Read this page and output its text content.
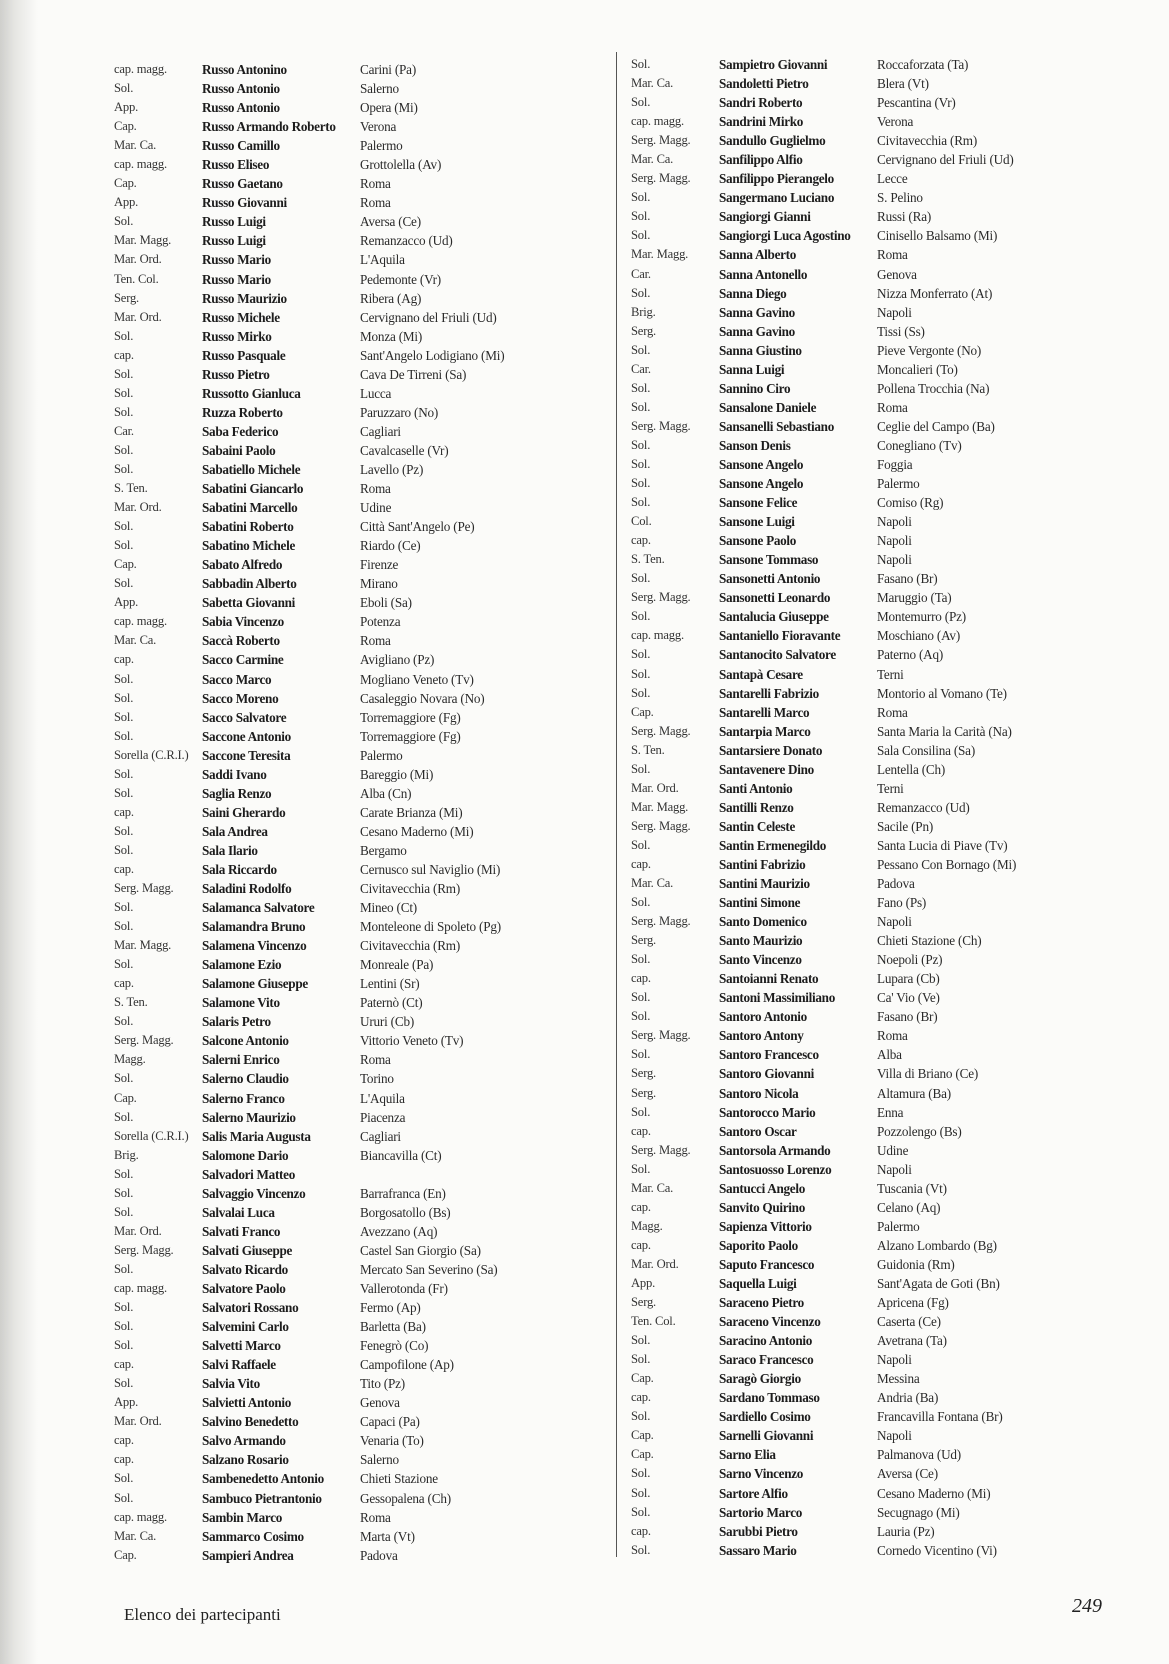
cap. magg.	Russo Antonino	Carini (Pa)
Sol.	Russo Antonio	Salerno
App.	Russo Antonio	Opera (Mi)
Cap.	Russo Armando Roberto	Verona
Mar. Ca.	Russo Camillo	Palermo
cap. magg.	Russo Eliseo	Grottolella (Av)
Cap.	Russo Gaetano	Roma
App.	Russo Giovanni	Roma
Sol.	Russo Luigi	Aversa (Ce)
Mar. Magg.	Russo Luigi	Remanzacco (Ud)
Mar. Ord.	Russo Mario	L'Aquila
Ten. Col.	Russo Mario	Pedemonte (Vr)
Serg.	Russo Maurizio	Ribera (Ag)
Mar. Ord.	Russo Michele	Cervignano del Friuli (Ud)
Sol.	Russo Mirko	Monza (Mi)
cap.	Russo Pasquale	Sant'Angelo Lodigiano (Mi)
Sol.	Russo Pietro	Cava De Tirreni (Sa)
Sol.	Russotto Gianluca	Lucca
Sol.	Ruzza Roberto	Paruzzaro (No)
Car.	Saba Federico	Cagliari
Sol.	Sabaini Paolo	Cavalcaselle (Vr)
Sol.	Sabatiello Michele	Lavello (Pz)
S. Ten.	Sabatini Giancarlo	Roma
Mar. Ord.	Sabatini Marcello	Udine
Sol.	Sabatini Roberto	Città Sant'Angelo (Pe)
Sol.	Sabatino Michele	Riardo (Ce)
Cap.	Sabato Alfredo	Firenze
Sol.	Sabbadin Alberto	Mirano
App.	Sabetta Giovanni	Eboli (Sa)
cap. magg.	Sabia Vincenzo	Potenza
Mar. Ca.	Saccà Roberto	Roma
cap.	Sacco Carmine	Avigliano (Pz)
Sol.	Sacco Marco	Mogliano Veneto (Tv)
Sol.	Sacco Moreno	Casaleggio Novara (No)
Sol.	Sacco Salvatore	Torremaggiore (Fg)
Sol.	Saccone Antonio	Torremaggiore (Fg)
Sorella (C.R.I.)	Saccone Teresita	Palermo
Sol.	Saddi Ivano	Bareggio (Mi)
Sol.	Saglia Renzo	Alba (Cn)
cap.	Saini Gherardo	Carate Brianza (Mi)
Sol.	Sala Andrea	Cesano Maderno (Mi)
Sol.	Sala Ilario	Bergamo
cap.	Sala Riccardo	Cernusco sul Naviglio (Mi)
Serg. Magg.	Saladini Rodolfo	Civitavecchia (Rm)
Sol.	Salamanca Salvatore	Mineo (Ct)
Sol.	Salamandra Bruno	Monteleone di Spoleto (Pg)
Mar. Magg.	Salamena Vincenzo	Civitavecchia (Rm)
Sol.	Salamone Ezio	Monreale (Pa)
cap.	Salamone Giuseppe	Lentini (Sr)
S. Ten.	Salamone Vito	Paternò (Ct)
Sol.	Salaris Petro	Ururi (Cb)
Serg. Magg.	Salcone Antonio	Vittorio Veneto (Tv)
Magg.	Salerni Enrico	Roma
Sol.	Salerno Claudio	Torino
Cap.	Salerno Franco	L'Aquila
Sol.	Salerno Maurizio	Piacenza
Sorella (C.R.I.)	Salis Maria Augusta	Cagliari
Brig.	Salomone Dario	Biancavilla (Ct)
Sol.	Salvadori Matteo
Sol.	Salvaggio Vincenzo	Barrafranca (En)
Sol.	Salvalai Luca	Borgosatollo (Bs)
Mar. Ord.	Salvati Franco	Avezzano (Aq)
Serg. Magg.	Salvati Giuseppe	Castel San Giorgio (Sa)
Sol.	Salvato Ricardo	Mercato San Severino (Sa)
cap. magg.	Salvatore Paolo	Vallerotonda (Fr)
Sol.	Salvatori Rossano	Fermo (Ap)
Sol.	Salvemini Carlo	Barletta (Ba)
Sol.	Salvetti Marco	Fenegrò (Co)
cap.	Salvi Raffaele	Campofilone (Ap)
Sol.	Salvia Vito	Tito (Pz)
App.	Salvietti Antonio	Genova
Mar. Ord.	Salvino Benedetto	Capaci (Pa)
cap.	Salvo Armando	Venaria (To)
cap.	Salzano Rosario	Salerno
Sol.	Sambenedetto Antonio	Chieti Stazione
Sol.	Sambuco Pietrantonio	Gessopalena (Ch)
cap. magg.	Sambin Marco	Roma
Mar. Ca.	Sammarco Cosimo	Marta (Vt)
Cap.	Sampieri Andrea	Padova
Sol.	Sampietro Giovanni	Roccaforzata (Ta)
Mar. Ca.	Sandoletti Pietro	Blera (Vt)
Sol.	Sandri Roberto	Pescantina (Vr)
cap. magg.	Sandrini Mirko	Verona
Serg. Magg.	Sandullo Guglielmo	Civitavecchia (Rm)
Mar. Ca.	Sanfilippo Alfio	Cervignano del Friuli (Ud)
Serg. Magg.	Sanfilippo Pierangelo	Lecce
Sol.	Sangermano Luciano	S. Pelino
Sol.	Sangiorgi Gianni	Russi (Ra)
Sol.	Sangiorgi Luca Agostino	Cinisello Balsamo (Mi)
Mar. Magg.	Sanna Alberto	Roma
Car.	Sanna Antonello	Genova
Sol.	Sanna Diego	Nizza Monferrato (At)
Brig.	Sanna Gavino	Napoli
Serg.	Sanna Gavino	Tissi (Ss)
Sol.	Sanna Giustino	Pieve Vergonte (No)
Car.	Sanna Luigi	Moncalieri (To)
Sol.	Sannino Ciro	Pollena Trocchia (Na)
Sol.	Sansalone Daniele	Roma
Serg. Magg.	Sansanelli Sebastiano	Ceglie del Campo (Ba)
Sol.	Sanson Denis	Conegliano (Tv)
Sol.	Sansone Angelo	Foggia
Sol.	Sansone Angelo	Palermo
Sol.	Sansone Felice	Comiso (Rg)
Col.	Sansone Luigi	Napoli
cap.	Sansone Paolo	Napoli
S. Ten.	Sansone Tommaso	Napoli
Sol.	Sansonetti Antonio	Fasano (Br)
Serg. Magg.	Sansonetti Leonardo	Maruggio (Ta)
Sol.	Santalucia Giuseppe	Montemurro (Pz)
cap. magg.	Santaniello Fioravante	Moschiano (Av)
Sol.	Santanocito Salvatore	Paterno (Aq)
Sol.	Santapà Cesare	Terni
Sol.	Santarelli Fabrizio	Montorio al Vomano (Te)
Cap.	Santarelli Marco	Roma
Serg. Magg.	Santarpia Marco	Santa Maria la Carità (Na)
S. Ten.	Santarsiere Donato	Sala Consilina (Sa)
Sol.	Santavenere Dino	Lentella (Ch)
Mar. Ord.	Santi Antonio	Terni
Mar. Magg.	Santilli Renzo	Remanzacco (Ud)
Serg. Magg.	Santin Celeste	Sacile (Pn)
Sol.	Santin Ermenegildo	Santa Lucia di Piave (Tv)
cap.	Santini Fabrizio	Pessano Con Bornago (Mi)
Mar. Ca.	Santini Maurizio	Padova
Sol.	Santini Simone	Fano (Ps)
Serg. Magg.	Santo Domenico	Napoli
Serg.	Santo Maurizio	Chieti Stazione (Ch)
Sol.	Santo Vincenzo	Noepoli (Pz)
cap.	Santoianni Renato	Lupara (Cb)
Sol.	Santoni Massimiliano	Ca' Vio (Ve)
Sol.	Santoro Antonio	Fasano (Br)
Serg. Magg.	Santoro Antony	Roma
Sol.	Santoro Francesco	Alba
Serg.	Santoro Giovanni	Villa di Briano (Ce)
Serg.	Santoro Nicola	Altamura (Ba)
Sol.	Santorocco Mario	Enna
cap.	Santoro Oscar	Pozzolengo (Bs)
Serg. Magg.	Santorsola Armando	Udine
Sol.	Santosuosso Lorenzo	Napoli
Mar. Ca.	Santucci Angelo	Tuscania (Vt)
cap.	Sanvito Quirino	Celano (Aq)
Magg.	Sapienza Vittorio	Palermo
cap.	Saporito Paolo	Alzano Lombardo (Bg)
Mar. Ord.	Saputo Francesco	Guidonia (Rm)
App.	Saquella Luigi	Sant'Agata de Goti (Bn)
Serg.	Saraceno Pietro	Apricena (Fg)
Ten. Col.	Saraceno Vincenzo	Caserta (Ce)
Sol.	Saracino Antonio	Avetrana (Ta)
Sol.	Saraco Francesco	Napoli
Cap.	Saragò Giorgio	Messina
cap.	Sardano Tommaso	Andria (Ba)
Sol.	Sardiello Cosimo	Francavilla Fontana (Br)
Cap.	Sarnelli Giovanni	Napoli
Cap.	Sarno Elia	Palmanova (Ud)
Sol.	Sarno Vincenzo	Aversa (Ce)
Sol.	Sartore Alfio	Cesano Maderno (Mi)
Sol.	Sartorio Marco	Secugnago (Mi)
cap.	Sarubbi Pietro	Lauria (Pz)
Sol.	Sassaro Mario	Cornedo Vicentino (Vi)
Elenco dei partecipanti	249
